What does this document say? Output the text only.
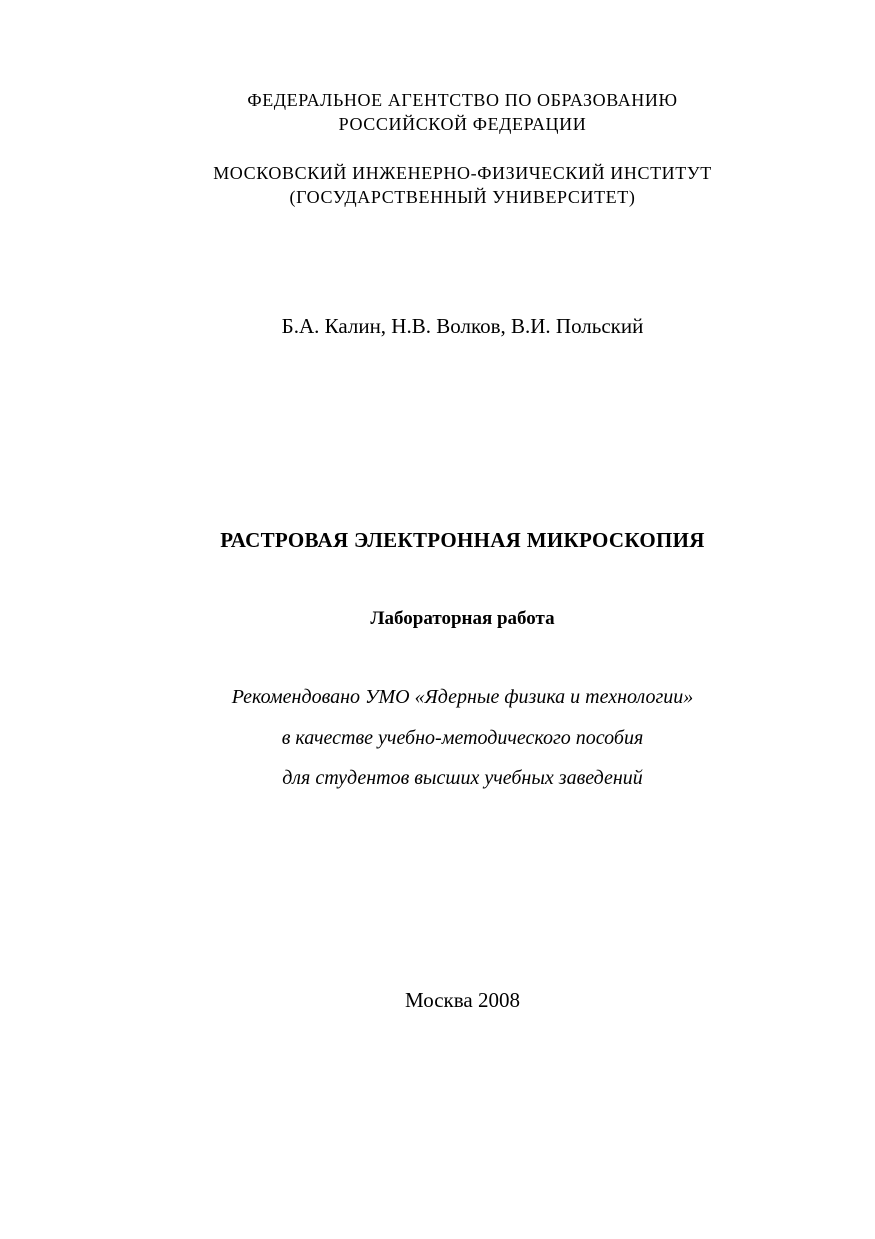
ФЕДЕРАЛЬНОЕ АГЕНТСТВО ПО ОБРАЗОВАНИЮ
РОССИЙСКОЙ ФЕДЕРАЦИИ
МОСКОВСКИЙ ИНЖЕНЕРНО-ФИЗИЧЕСКИЙ ИНСТИТУТ
(ГОСУДАРСТВЕННЫЙ УНИВЕРСИТЕТ)
Б.А. Калин, Н.В. Волков, В.И. Польский
РАСТРОВАЯ ЭЛЕКТРОННАЯ МИКРОСКОПИЯ
Лабораторная работа
Рекомендовано УМО «Ядерные физика и технологии»
в качестве учебно-методического пособия
для студентов высших учебных заведений
Москва 2008
